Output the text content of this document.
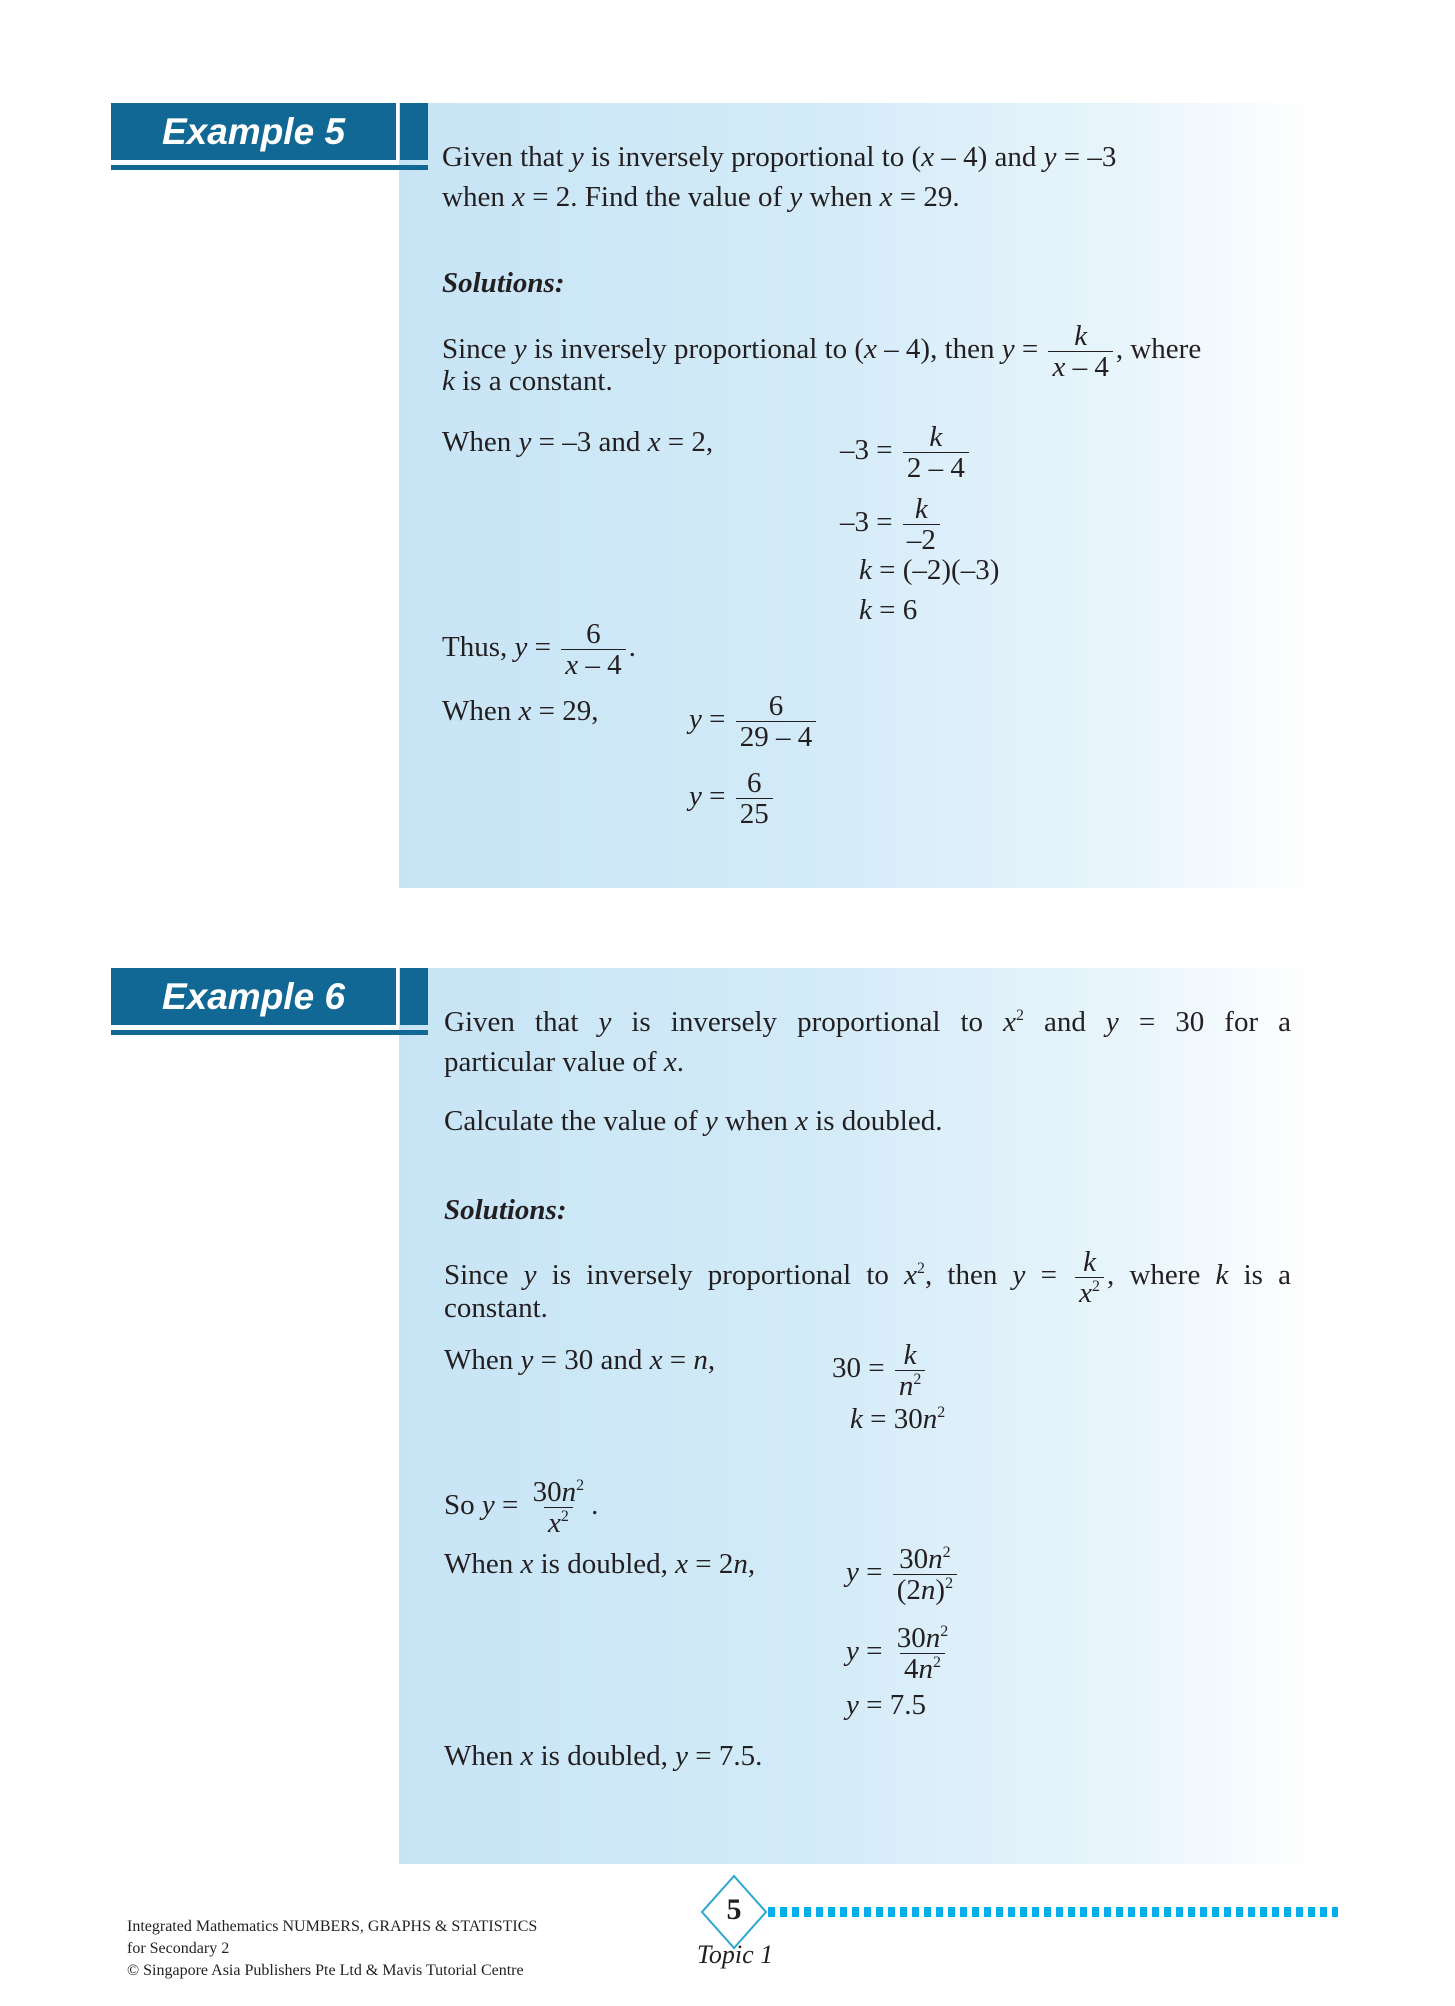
Example 5
Given that y is inversely proportional to (x – 4) and y = –3
when x = 2. Find the value of y when x = 29.
Solutions:
Since y is inversely proportional to (x – 4), then $y = \frac{k}{x - 4}$ , where
k is a constant.
When y = –3 and x = 2,	$-3 = \frac{k}{2 - 4}$
$-3 = \frac{k}{-2}$
k = (–2)(–3)
k = 6
Thus, $y = \frac{6}{x - 4}$ .
When x = 29,	$y = \frac{6}{29 - 4}$
$y = \frac{6}{25}$
Example 6
Given that y is inversely proportional to $x^2$ and y = 30 for a
particular value of x.
Calculate the value of y when x is doubled.
Solutions:
Since y is inversely proportional to $x^2$, then $y = \frac{k}{x^2}$ , where k is a
constant.
When y = 30 and x = n,	$30 = \frac{k}{n^2}$
$k = 30n^2$
So $y = \frac{30n^2}{x^2}$ .
When x is doubled, x = 2n,	$y = \frac{30n^2}{(2n)^2}$
$y = \frac{30n^2}{4n^2}$
y = 7.5
When x is doubled, y = 7.5.
5
Topic 1
Integrated Mathematics NUMBERS, GRAPHS & STATISTICS
for Secondary 2
© Singapore Asia Publishers Pte Ltd & Mavis Tutorial Centre
